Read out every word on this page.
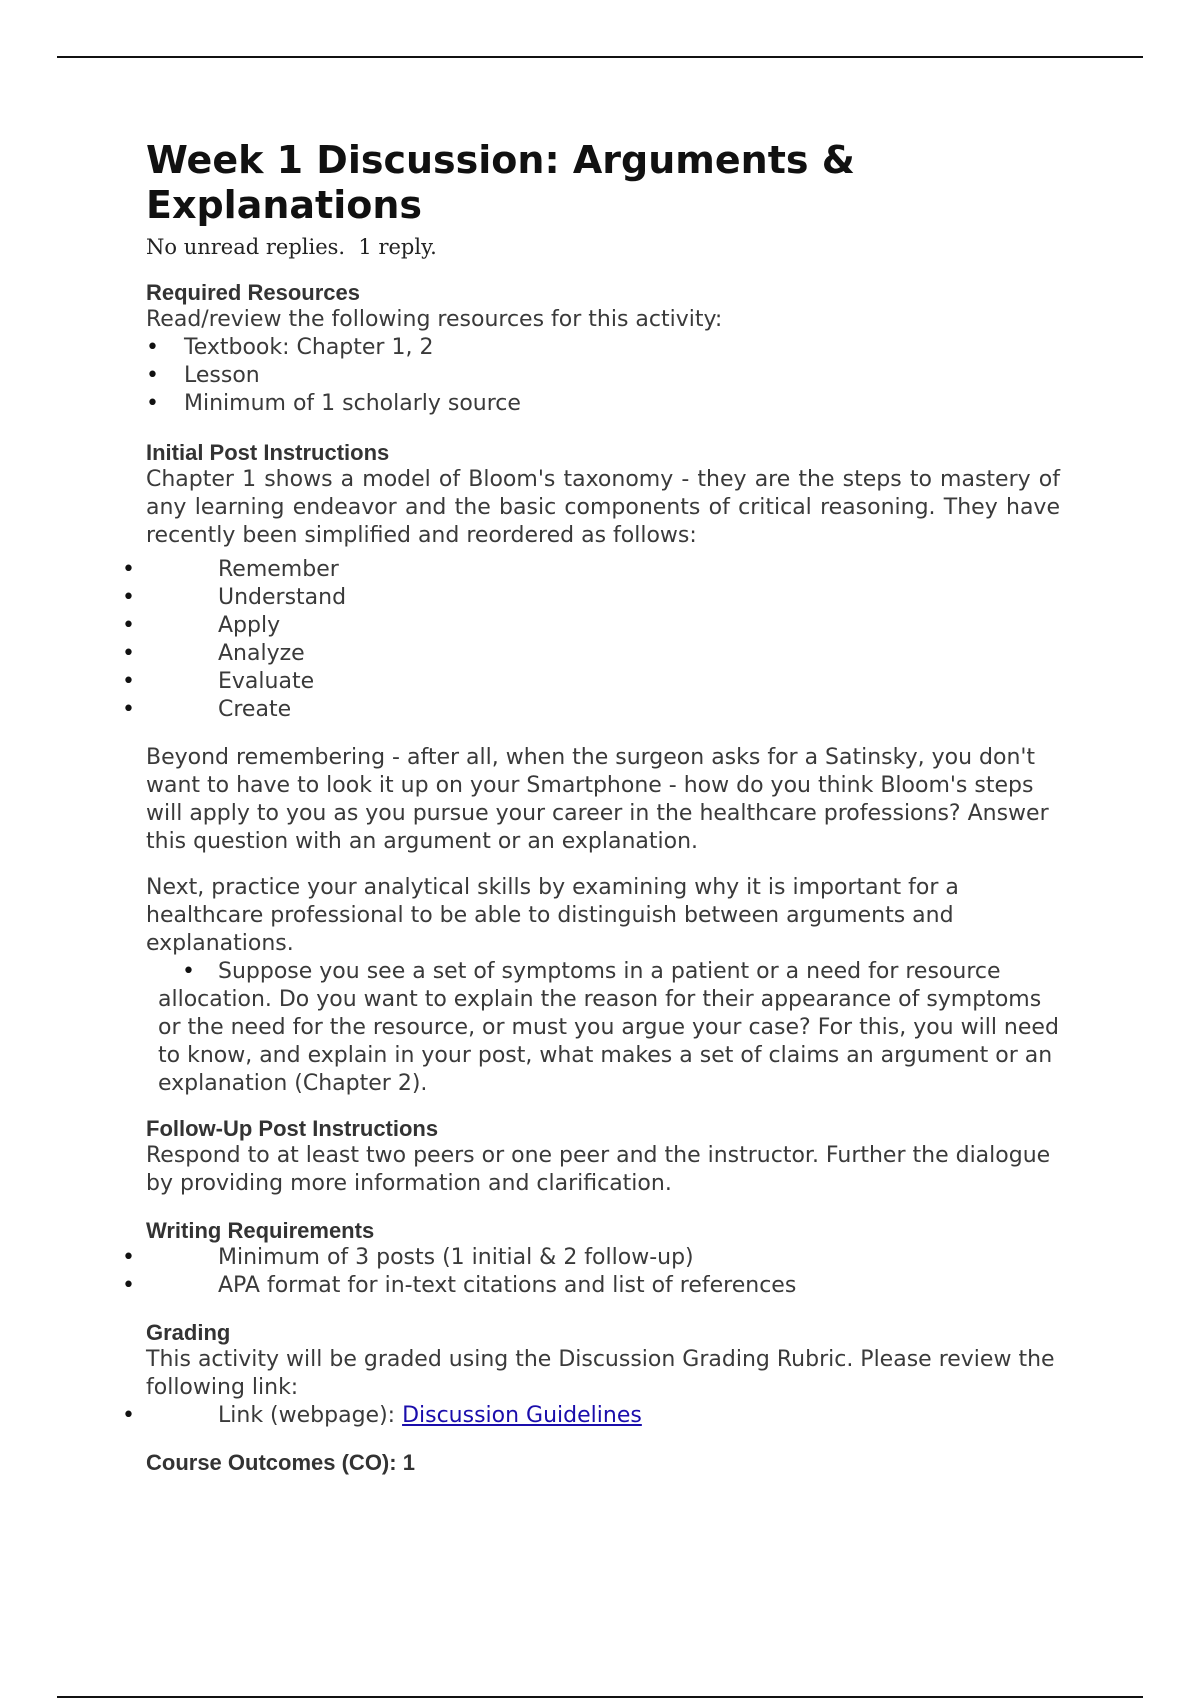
Week 1 Discussion: Arguments & Explanations
No unread replies.  1 reply.
Required Resources

Read/review the following resources for this activity:

• Textbook: Chapter 1, 2
• Lesson
• Minimum of 1 scholarly source
Initial Post Instructions

Chapter 1 shows a model of Bloom's taxonomy - they are the steps to mastery of any learning endeavor and the basic components of critical reasoning. They have recently been simplified and reordered as follows:

• Remember
• Understand
• Apply
• Analyze
• Evaluate
• Create

Beyond remembering - after all, when the surgeon asks for a Satinsky, you don't want to have to look it up on your Smartphone - how do you think Bloom's steps will apply to you as you pursue your career in the healthcare professions? Answer this question with an argument or an explanation.

Next, practice your analytical skills by examining why it is important for a healthcare professional to be able to distinguish between arguments and explanations.

• Suppose you see a set of symptoms in a patient or a need for resource allocation. Do you want to explain the reason for their appearance of symptoms or the need for the resource, or must you argue your case? For this, you will need to know, and explain in your post, what makes a set of claims an argument or an explanation (Chapter 2).
Follow-Up Post Instructions

Respond to at least two peers or one peer and the instructor. Further the dialogue by providing more information and clarification.

Writing Requirements
• Minimum of 3 posts (1 initial & 2 follow-up)
• APA format for in-text citations and list of references
Grading

This activity will be graded using the Discussion Grading Rubric. Please review the following link:

• Link (webpage): Discussion Guidelines
Course Outcomes (CO): 1
